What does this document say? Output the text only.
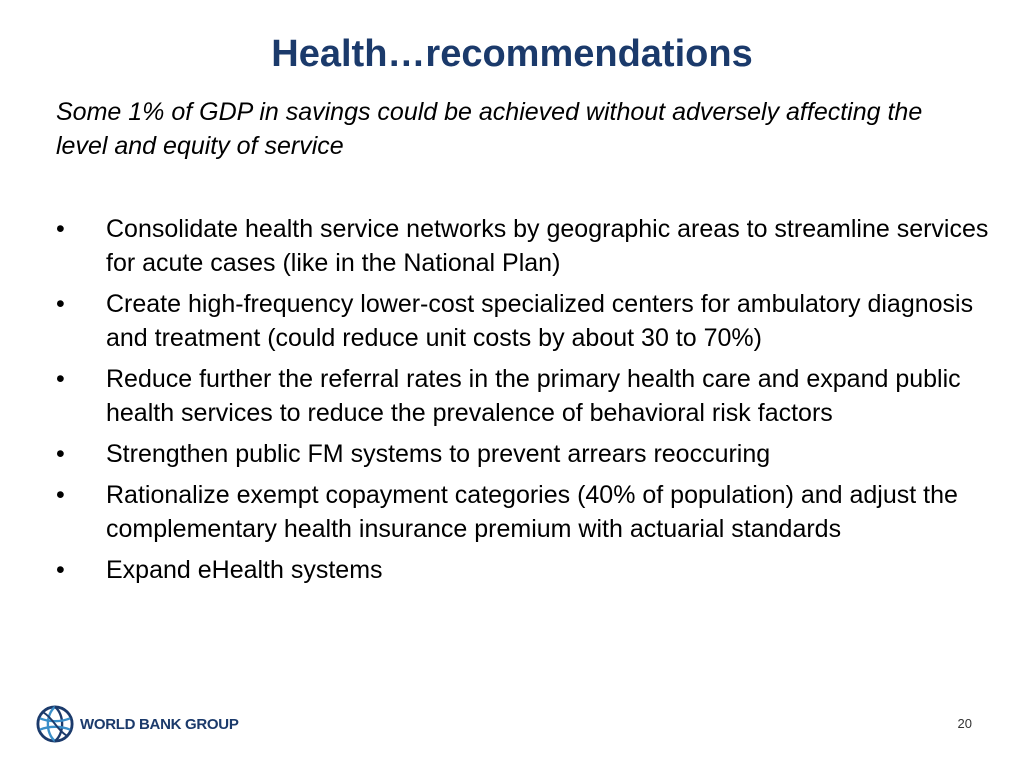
Health…recommendations
Some 1% of GDP in savings could be achieved without adversely affecting the level and equity of service
•	Consolidate health service networks by geographic areas to streamline services for acute cases (like in the National Plan)
•	Create high-frequency lower-cost specialized centers for ambulatory diagnosis and treatment (could reduce unit costs by about 30 to 70%)
•	Reduce further the referral rates in the primary health care and expand public health services to reduce the prevalence of behavioral risk factors
•	Strengthen public FM systems to prevent arrears reoccuring
•	Rationalize exempt copayment categories (40% of population) and adjust the complementary health insurance premium with actuarial standards
•	Expand eHealth systems
WORLD BANK GROUP	20
